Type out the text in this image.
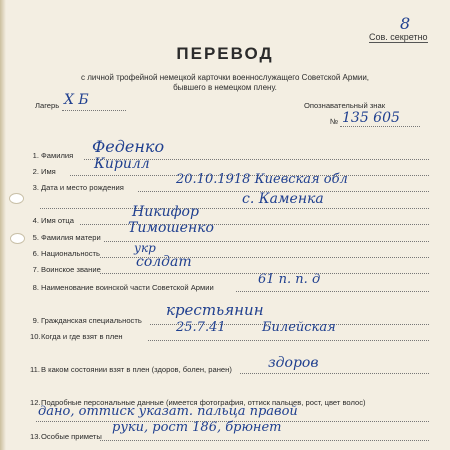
8
Сов. секретно
ПЕРЕВОД
с личной трофейной немецкой карточки военнослужащего Советской Армии,
бывшего в немецком плену.
Лагерь Х Б	Опознавательный знак
№ 135 605
1. Фамилия Феденко
2. Имя	Кирилл
3. Дата и место рождения
20.10.1918 Киевская обл
с. Каменка
4. Имя отца
Никифор
5. Фамилия матери
Тимошенко
6. Национальность	укр
7. Воинское звание	солдат
8. Наименование воинской части Советской Армии
61 п. п. д
9. Гражданская специальность
крестьянин
10.Когда и где взят в плен
25.7.41	Билейская
11.В каком состоянии взят в плен (здоров, болен, ранен)	здоров
12.Подробные персональные данные (имеется фотография, оттиск пальцев, рост, цвет волос)
дано, оттиск указат. пальца правой
13.Особые приметы
руки, рост 186, брюнет
